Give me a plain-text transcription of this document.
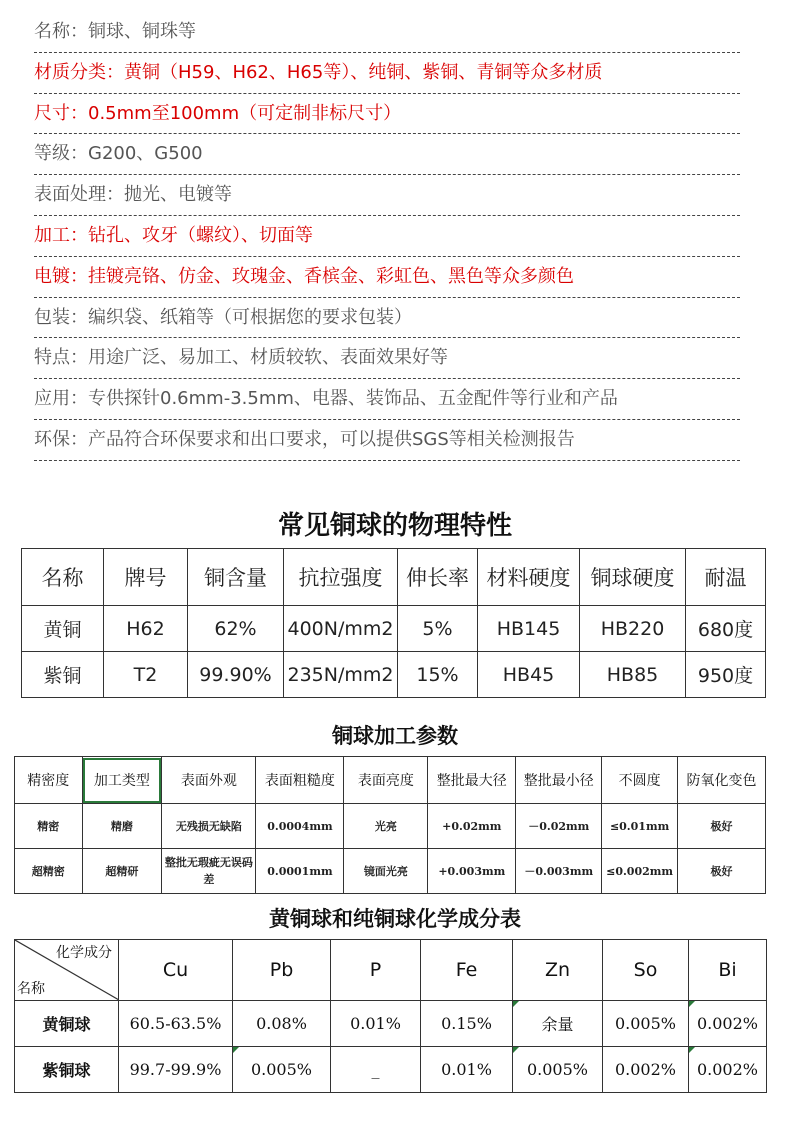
名称：铜球、铜珠等
材质分类：黄铜（H59、H62、H65等）、纯铜、紫铜、青铜等众多材质
尺寸：0.5mm至100mm（可定制非标尺寸）
等级：G200、G500
表面处理：抛光、电镀等
加工：钻孔、攻牙（螺纹）、切面等
电镀：挂镀亮铬、仿金、玫瑰金、香槟金、彩虹色、黑色等众多颜色
包装：编织袋、纸箱等（可根据您的要求包装）
特点：用途广泛、易加工、材质较软、表面效果好等
应用：专供探针0.6mm-3.5mm、电器、装饰品、五金配件等行业和产品
环保：产品符合环保要求和出口要求，可以提供SGS等相关检测报告
常见铜球的物理特性
名称	牌号	铜含量	抗拉强度	伸长率	材料硬度	铜球硬度	耐温
黄铜	H62	62%	400N/mm2	5%	HB145	HB220	680度
紫铜	T2	99.90%	235N/mm2	15%	HB45	HB85	950度
铜球加工参数
精密度	加工类型	表面外观	表面粗糙度	表面亮度	整批最大径	整批最小径	不圆度	防氧化变色
精密	精磨	无残损无缺陷	0.0004mm	光亮	+0.02mm	－0.02mm	≤0.01mm	极好
超精密	超精研	整批无瑕疵无误码差	0.0001mm	镜面光亮	+0.003mm	－0.003mm	≤0.002mm	极好
黄铜球和纯铜球化学成分表
化学成分
名称	Cu	Pb	P	Fe	Zn	So	Bi
黄铜球	60.5-63.5%	0.08%	0.01%	0.15%	余量	0.005%	0.002%
紫铜球	99.7-99.9%	0.005%	_	0.01%	0.005%	0.002%	0.002%
